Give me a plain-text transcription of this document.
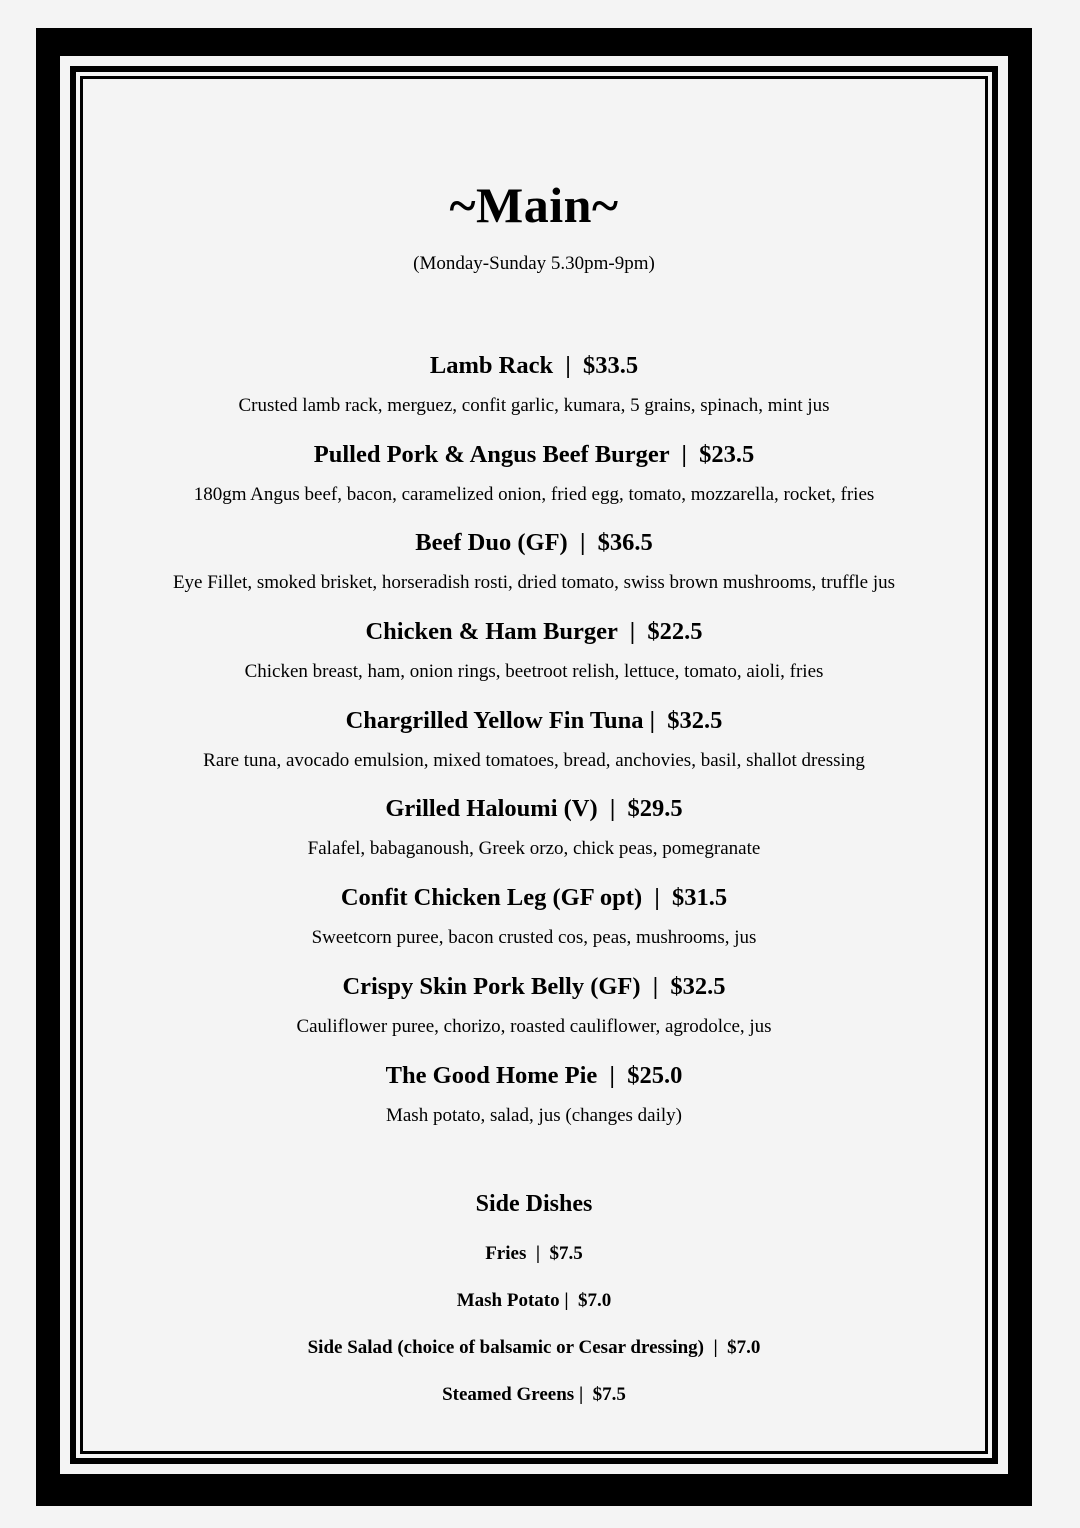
~Main~
(Monday-Sunday 5.30pm-9pm)
Lamb Rack  |  $33.5
Crusted lamb rack, merguez, confit garlic, kumara, 5 grains, spinach, mint jus
Pulled Pork & Angus Beef Burger  |  $23.5
180gm Angus beef, bacon, caramelized onion, fried egg, tomato, mozzarella, rocket, fries
Beef Duo (GF)  |  $36.5
Eye Fillet, smoked brisket, horseradish rosti, dried tomato, swiss brown mushrooms, truffle jus
Chicken & Ham Burger  |  $22.5
Chicken breast, ham, onion rings, beetroot relish, lettuce, tomato, aioli, fries
Chargrilled Yellow Fin Tuna |  $32.5
Rare tuna, avocado emulsion, mixed tomatoes, bread, anchovies, basil, shallot dressing
Grilled Haloumi (V)  |  $29.5
Falafel, babaganoush, Greek orzo, chick peas, pomegranate
Confit Chicken Leg (GF opt)  |  $31.5
Sweetcorn puree, bacon crusted cos, peas, mushrooms, jus
Crispy Skin Pork Belly (GF)  |  $32.5
Cauliflower puree, chorizo, roasted cauliflower, agrodolce, jus
The Good Home Pie  |  $25.0
Mash potato, salad, jus (changes daily)
Side Dishes
Fries  |  $7.5
Mash Potato |  $7.0
Side Salad (choice of balsamic or Cesar dressing)  |  $7.0
Steamed Greens |  $7.5
